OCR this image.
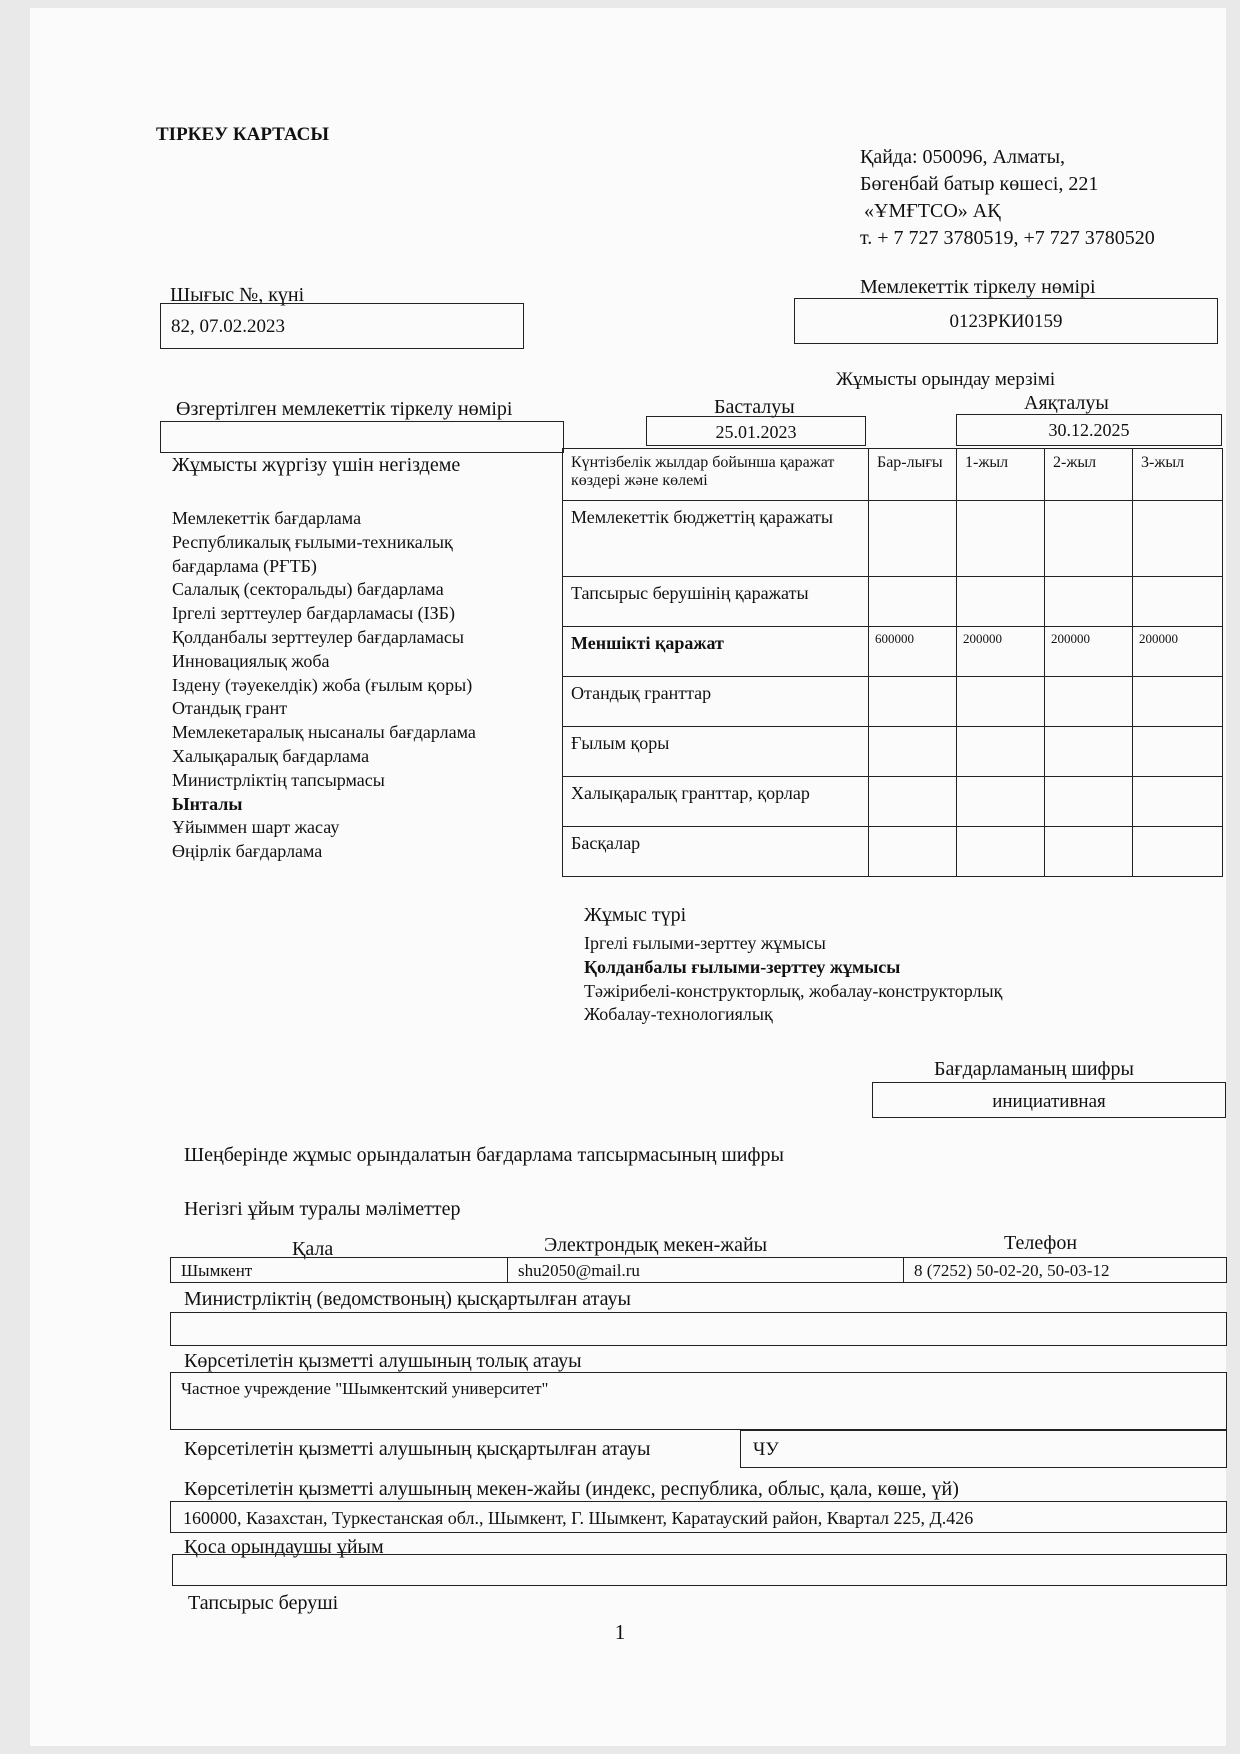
ТІРКЕУ КАРТАСЫ
Қайда: 050096, Алматы,
Бөгенбай батыр көшесі, 221
«ҰМҒТСО» АҚ
т. + 7 727 3780519, +7 727 3780520
Шығыс №, күні
82, 07.02.2023
Мемлекеттік тіркелу нөмірі
0123РКИ0159
Жұмысты орындау мерзімі
Басталуы	Аяқталуы
25.01.2023	30.12.2025
Өзгертілген мемлекеттік тіркелу нөмірі
Жұмысты жүргізу үшін негіздеме
Мемлекеттік бағдарлама
Республикалық ғылыми-техникалық
бағдарлама (РҒТБ)
Салалық (секторальды) бағдарлама
Іргелі зерттеулер бағдарламасы (ІЗБ)
Қолданбалы зерттеулер бағдарламасы
Инновациялық жоба
Іздену (тәуекелдік) жоба (ғылым қоры)
Отандық грант
Мемлекетаралық нысаналы бағдарлама
Халықаралық бағдарлама
Министрліктің тапсырмасы
Ынталы
Ұйыммен шарт жасау
Өңірлік бағдарлама
Күнтізбелік жылдар бойынша қаражат көздері және көлемі	Бар-лығы	1-жыл	2-жыл	3-жыл
Мемлекеттік бюджеттің қаражаты				
Тапсырыс берушінің қаражаты				
Меншікті қаражат	600000	200000	200000	200000
Отандық гранттар				
Ғылым қоры				
Халықаралық гранттар, қорлар				
Басқалар				
Жұмыс түрі
Іргелі ғылыми-зерттеу жұмысы
Қолданбалы ғылыми-зерттеу жұмысы
Тәжірибелі-конструкторлық, жобалау-конструкторлық
Жобалау-технологиялық
Бағдарламаның шифры
инициативная
Шеңберінде жұмыс орындалатын бағдарлама тапсырмасының шифры
Негізгі ұйым туралы мәліметтер
Қала	Электрондық мекен-жайы	Телефон
Шымкент	shu2050@mail.ru	8 (7252) 50-02-20, 50-03-12
Министрліктің (ведомствоның) қысқартылған атауы
Көрсетілетін қызметті алушының толық атауы
Частное учреждение "Шымкентский университет"
Көрсетілетін қызметті алушының қысқартылған атауы	ЧУ
Көрсетілетін қызметті алушының мекен-жайы (индекс, республика, облыс, қала, көше, үй)
160000, Казахстан, Туркестанская обл., Шымкент, Г. Шымкент, Каратауский район, Квартал 225, Д.426
Қоса орындаушы ұйым
Тапсырыс беруші
1
